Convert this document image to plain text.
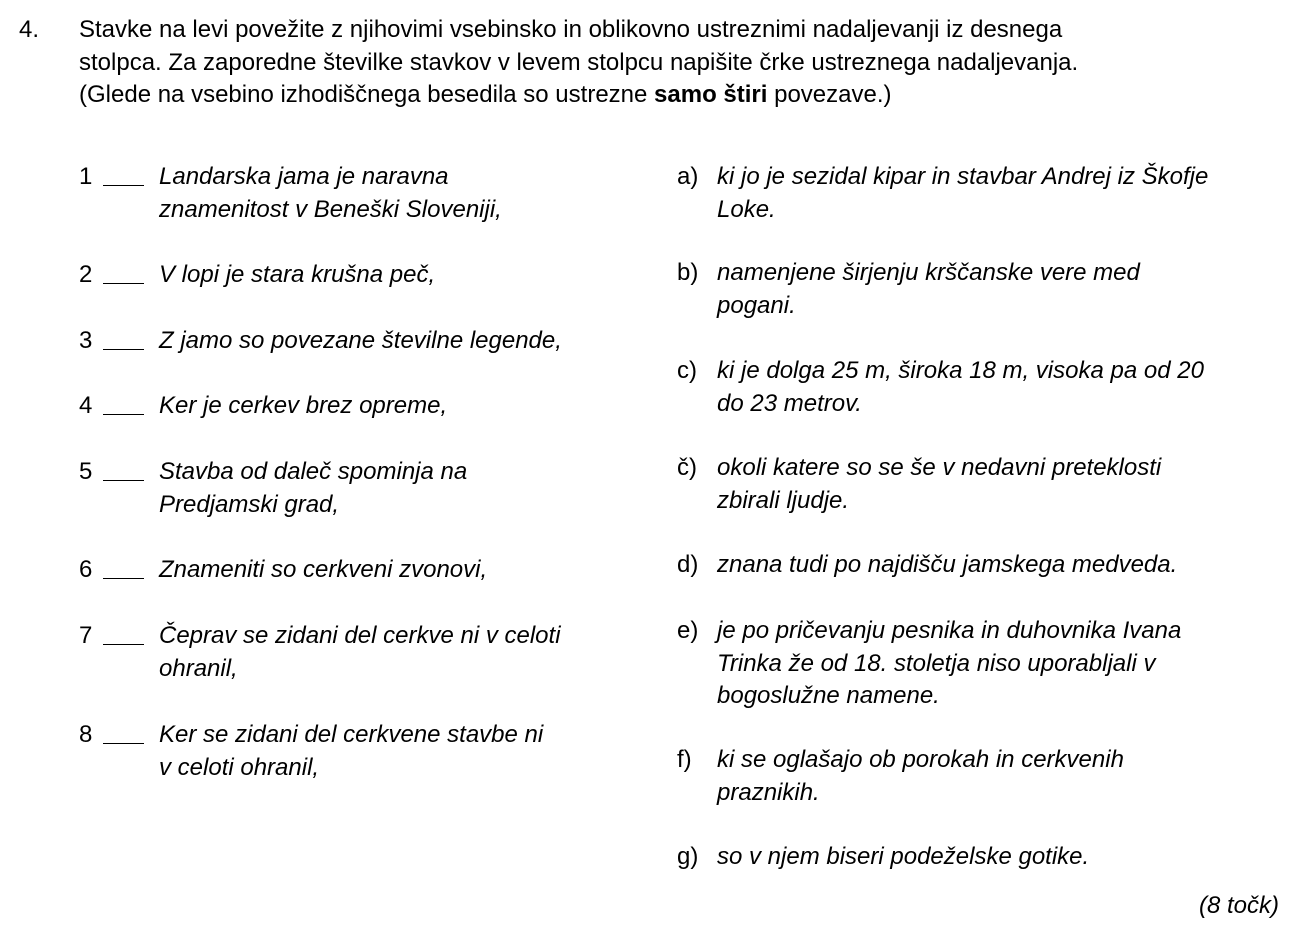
4. Stavke na levi povežite z njihovimi vsebinsko in oblikovno ustreznimi nadaljevanji iz desnega
stolpca. Za zaporedne številke stavkov v levem stolpcu napišite črke ustreznega nadaljevanja.
(Glede na vsebino izhodiščnega besedila so ustrezne samo štiri povezave.)
1	Landarska jama je naravna
znamenitost v Beneški Sloveniji,
2	V lopi je stara krušna peč,
3	Z jamo so povezane številne legende,
4	Ker je cerkev brez opreme,
5	Stavba od daleč spominja na
Predjamski grad,
6	Znameniti so cerkveni zvonovi,
7	Čeprav se zidani del cerkve ni v celoti
ohranil,
8	Ker se zidani del cerkvene stavbe ni
v celoti ohranil,
a) ki jo je sezidal kipar in stavbar Andrej iz Škofje
Loke.
b) namenjene širjenju krščanske vere med
pogani.
c) ki je dolga 25 m, široka 18 m, visoka pa od 20
do 23 metrov.
č) okoli katere so se še v nedavni preteklosti
zbirali ljudje.
d) znana tudi po najdišču jamskega medveda.
e) je po pričevanju pesnika in duhovnika Ivana
Trinka že od 18. stoletja niso uporabljali v
bogoslužne namene.
f) ki se oglašajo ob porokah in cerkvenih
praznikih.
g) so v njem biseri podeželske gotike.
(8 točk)
